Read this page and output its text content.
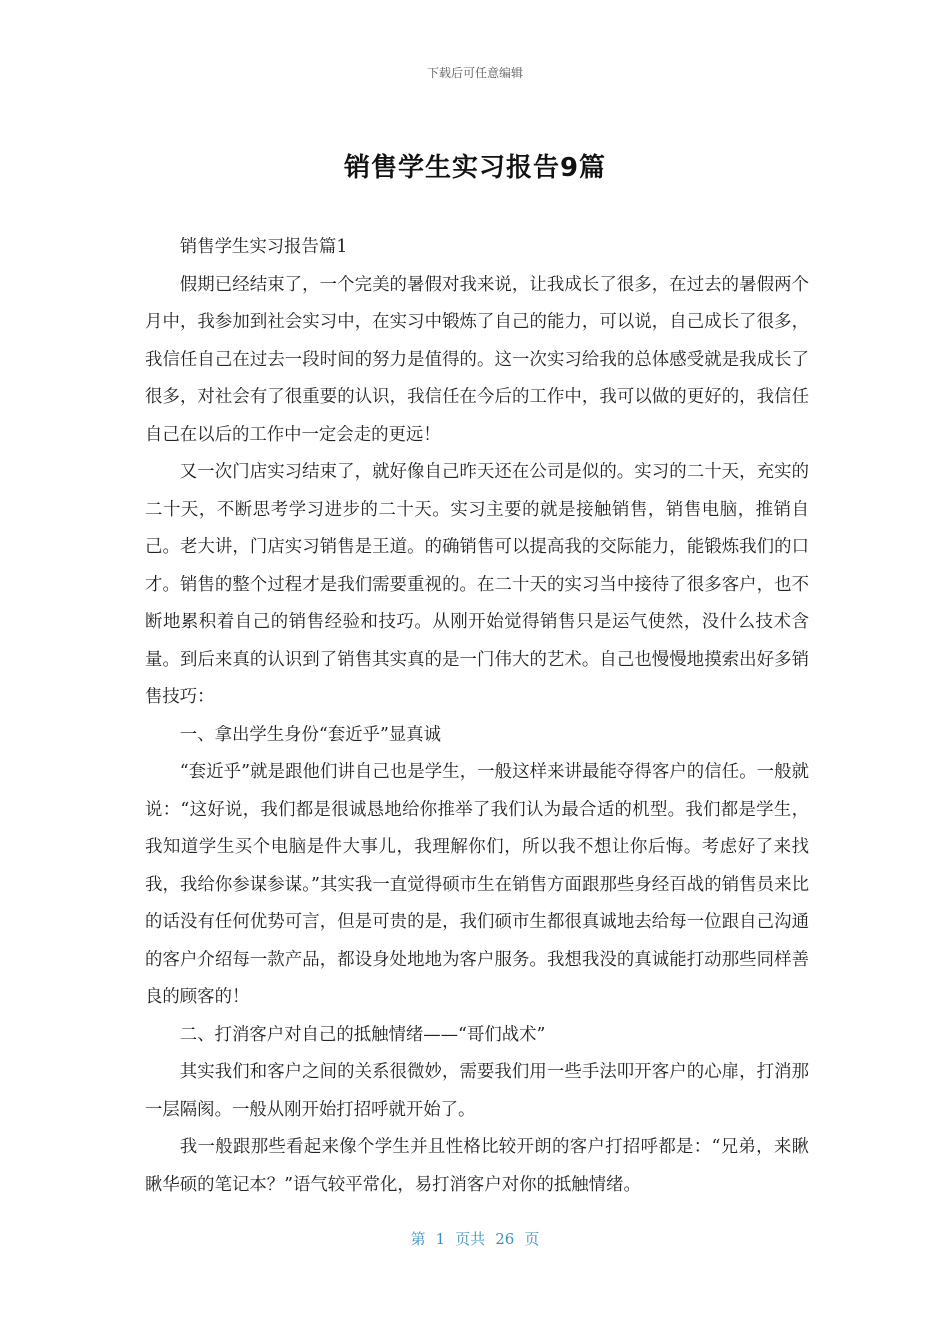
下载后可任意编辑
销售学生实习报告9篇

销售学生实习报告篇1

假期已经结束了，一个完美的暑假对我来说，让我成长了很多，在过去的暑假两个月中，我参加到社会实习中，在实习中锻炼了自己的能力，可以说，自己成长了很多，我信任自己在过去一段时间的努力是值得的。这一次实习给我的总体感受就是我成长了很多，对社会有了很重要的认识，我信任在今后的工作中，我可以做的更好的，我信任自己在以后的工作中一定会走的更远！

又一次门店实习结束了，就好像自己昨天还在公司是似的。实习的二十天，充实的二十天，不断思考学习进步的二十天。实习主要的就是接触销售，销售电脑，推销自己。老大讲，门店实习销售是王道。的确销售可以提高我的交际能力，能锻炼我们的口才。销售的整个过程才是我们需要重视的。在二十天的实习当中接待了很多客户，也不断地累积着自己的销售经验和技巧。从刚开始觉得销售只是运气使然，没什么技术含量。到后来真的认识到了销售其实真的是一门伟大的艺术。自己也慢慢地摸索出好多销售技巧：

一、拿出学生身份“套近乎”显真诚

“套近乎”就是跟他们讲自己也是学生，一般这样来讲最能夺得客户的信任。一般就说：“这好说，我们都是很诚恳地给你推举了我们认为最合适的机型。我们都是学生，我知道学生买个电脑是件大事儿，我理解你们，所以我不想让你后悔。考虑好了来找我，我给你参谋参谋。”其实我一直觉得硕市生在销售方面跟那些身经百战的销售员来比的话没有任何优势可言，但是可贵的是，我们硕市生都很真诚地去给每一位跟自己沟通的客户介绍每一款产品，都设身处地地为客户服务。我想我没的真诚能打动那些同样善良的顾客的！

二、打消客户对自己的抵触情绪——“哥们战术”

其实我们和客户之间的关系很微妙，需要我们用一些手法叩开客户的心扉，打消那一层隔阂。一般从刚开始打招呼就开始了。

我一般跟那些看起来像个学生并且性格比较开朗的客户打招呼都是：“兄弟，来瞅瞅华硕的笔记本？”语气较平常化，易打消客户对你的抵触情绪。

第 1 页共 26 页
